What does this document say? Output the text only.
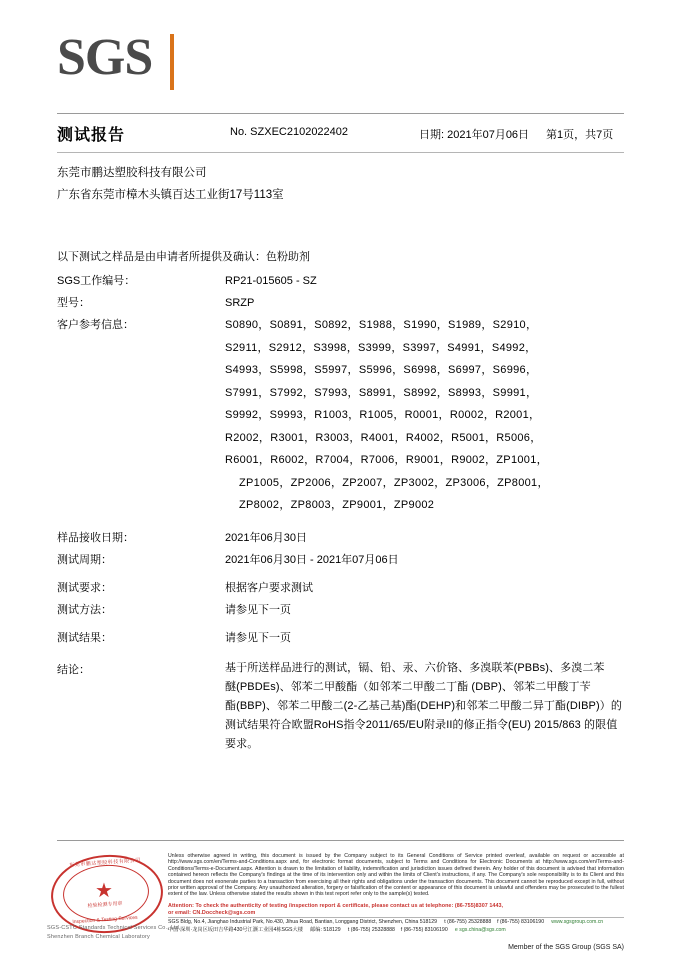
SGS
测试报告	No. SZXEC2102022402	日期: 2021年07月06日 第1页，共7页
东莞市鹏达塑胶科技有限公司
广东省东莞市樟木头镇百达工业街17号113室
以下测试之样品是由申请者所提供及确认：色粉助剂
SGS工作编号：	RP21-015605 - SZ
型号：	SRZP
客户参考信息：	S0890，S0891，S0892，S1988，S1990，S1989，S2910，
S2911，S2912，S3998，S3999，S3997，S4991，S4992，
S4993，S5998，S5997，S5996，S6998，S6997，S6996，
S7991，S7992，S7993，S8991，S8992，S8993，S9991，
S9992，S9993，R1003，R1005，R0001，R0002，R2001，
R2002，R3001，R3003，R4001，R4002，R5001，R5006，
R6001，R6002，R7004，R7006，R9001，R9002，ZP1001，
ZP1005，ZP2006，ZP2007，ZP3002，ZP3006，ZP8001，
ZP8002，ZP8003，ZP9001，ZP9002
样品接收日期：	2021年06月30日
测试周期：	2021年06月30日 - 2021年07月06日
测试要求：	根据客户要求测试
测试方法：	请参见下一页
测试结果：	请参见下一页
结论：	基于所送样品进行的测试，镉、铅、汞、六价铬、多溴联苯(PBBs)、多溴二苯
醚(PBDEs)、邻苯二甲酸酯（如邻苯二甲酸二丁酯 (DBP)、邻苯二甲酸丁苄
酯(BBP)、邻苯二甲酸二(2-乙基己基)酯(DEHP)和邻苯二甲酸二异丁酯(DIBP)）的
测试结果符合欧盟RoHS指令2011/65/EU附录II的修正指令(EU) 2015/863 的限值
要求。
★
东莞市鹏达塑胶科技有限公司
检验检测专用章
Inspection & Testing Services
SGS-CSTC Standards Technical Services Co., Ltd.
Shenzhen Branch Chemical Laboratory
Unless otherwise agreed in writing, this document is issued by the Company subject to its General Conditions of Service printed overleaf, available on request or accessible at http://www.sgs.com/en/Terms-and-Conditions.aspx and, for electronic format documents, subject to Terms and Conditions for Electronic Documents at http://www.sgs.com/en/Terms-and-Conditions/Terms-e-Document.aspx. Attention is drawn to the limitation of liability, indemnification and jurisdiction issues defined therein. Any holder of this document is advised that information contained hereon reflects the Company's findings at the time of its intervention only and within the limits of Client's instructions, if any. The Company's sole responsibility is to its Client and this document does not exonerate parties to a transaction from exercising all their rights and obligations under the transaction documents. This document cannot be reproduced except in full, without prior written approval of the Company. Any unauthorized alteration, forgery or falsification of the content or appearance of this document is unlawful and offenders may be prosecuted to the fullest extent of the law. Unless otherwise stated the results shown in this test report refer only to the sample(s) tested.
Attention: To check the authenticity of testing /inspection report & certificate, please contact us at telephone: (86-755)8307 1443,
or email: CN.Doccheck@sgs.com
SGS Bldg, No.4, Jianghao Industrial Park, No.430, Jihua Road, Bantian, Longgang District, Shenzhen, China 518129 t (86-755) 25328888 f (86-755) 83106190 www.sgsgroup.com.cn
中国·深圳·龙岗区坂田吉华路430号江灏工业园4栋SGS大楼 邮编: 518129 t (86-755) 25328888 f (86-755) 83106190 e sgs.china@sgs.com
Member of the SGS Group (SGS SA)
